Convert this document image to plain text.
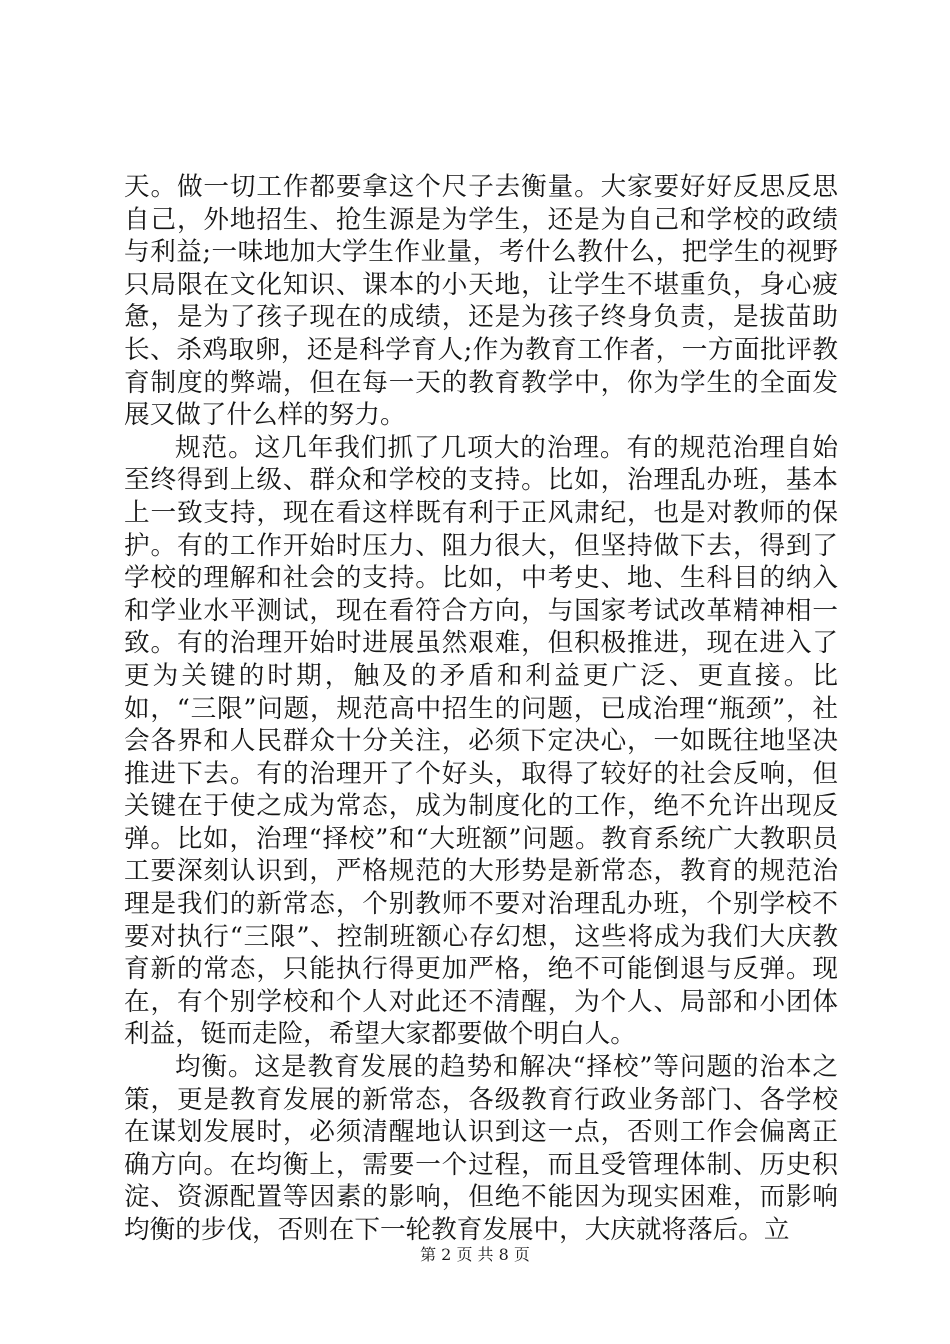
天。做一切工作都要拿这个尺子去衡量。大家要好好反思反思自己，外地招生、抢生源是为学生，还是为自己和学校的政绩与利益;一味地加大学生作业量，考什么教什么，把学生的视野只局限在文化知识、课本的小天地，让学生不堪重负，身心疲惫，是为了孩子现在的成绩，还是为孩子终身负责，是拔苗助长、杀鸡取卵，还是科学育人;作为教育工作者，一方面批评教育制度的弊端，但在每一天的教育教学中，你为学生的全面发展又做了什么样的努力。

规范。这几年我们抓了几项大的治理。有的规范治理自始至终得到上级、群众和学校的支持。比如，治理乱办班，基本上一致支持，现在看这样既有利于正风肃纪，也是对教师的保护。有的工作开始时压力、阻力很大，但坚持做下去，得到了学校的理解和社会的支持。比如，中考史、地、生科目的纳入和学业水平测试，现在看符合方向，与国家考试改革精神相一致。有的治理开始时进展虽然艰难，但积极推进，现在进入了更为关键的时期，触及的矛盾和利益更广泛、更直接。比如，“三限”问题，规范高中招生的问题，已成治理“瓶颈”，社会各界和人民群众十分关注，必须下定决心，一如既往地坚决推进下去。有的治理开了个好头，取得了较好的社会反响，但关键在于使之成为常态，成为制度化的工作，绝不允许出现反弹。比如，治理“择校”和“大班额”问题。教育系统广大教职员工要深刻认识到，严格规范的大形势是新常态，教育的规范治理是我们的新常态，个别教师不要对治理乱办班，个别学校不要对执行“三限”、控制班额心存幻想，这些将成为我们大庆教育新的常态，只能执行得更加严格，绝不可能倒退与反弹。现在，有个别学校和个人对此还不清醒，为个人、局部和小团体利益，铤而走险，希望大家都要做个明白人。

均衡。这是教育发展的趋势和解决“择校”等问题的治本之策，更是教育发展的新常态，各级教育行政业务部门、各学校在谋划发展时，必须清醒地认识到这一点，否则工作会偏离正确方向。在均衡上，需要一个过程，而且受管理体制、历史积淀、资源配置等因素的影响，但绝不能因为现实困难，而影响均衡的步伐，否则在下一轮教育发展中，大庆就将落后。立

第 2 页 共 8 页
